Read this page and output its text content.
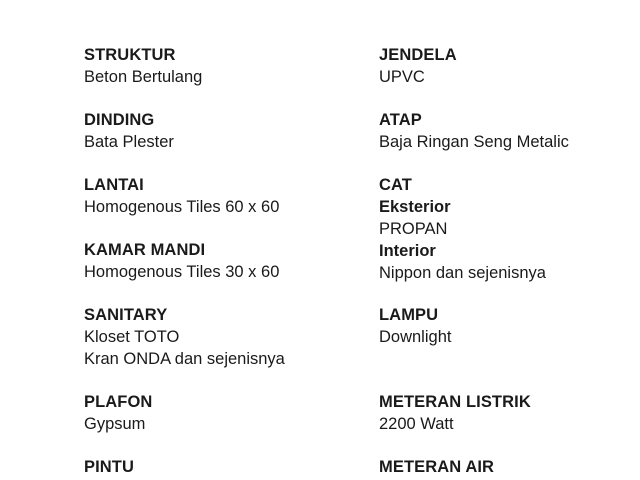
STRUKTUR
Beton Bertulang
DINDING
Bata Plester
LANTAI
Homogenous Tiles 60 x 60
KAMAR MANDI
Homogenous Tiles 30 x 60
SANITARY
Kloset TOTO
Kran ONDA dan sejenisnya
PLAFON
Gypsum
PINTU
JENDELA
UPVC
ATAP
Baja Ringan Seng Metalic
CAT
Eksterior
PROPAN
Interior
Nippon dan sejenisnya
LAMPU
Downlight
METERAN LISTRIK
2200 Watt
METERAN AIR
